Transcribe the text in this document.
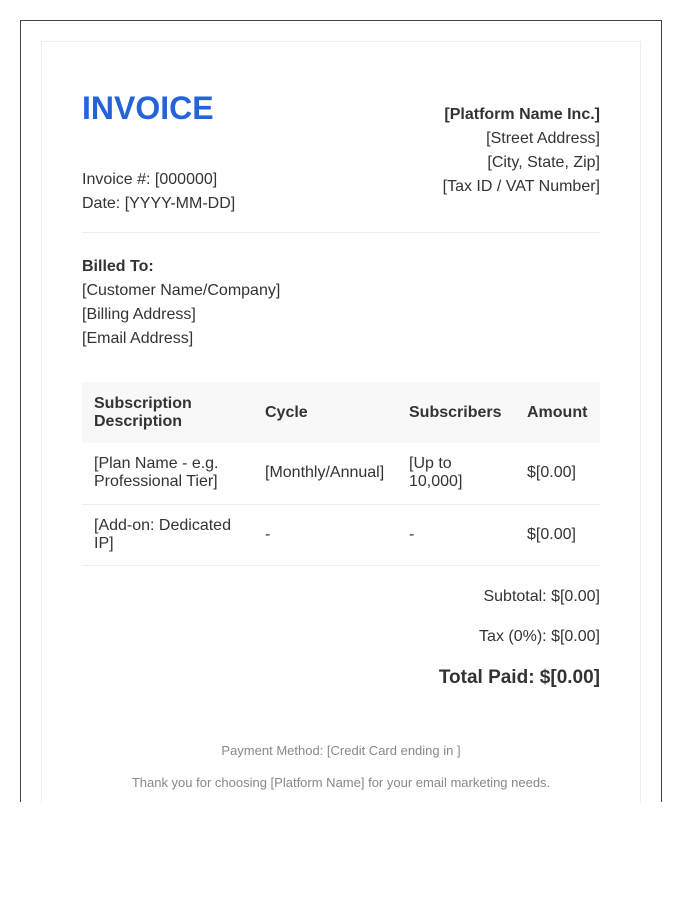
INVOICE
Invoice #: [000000]
Date: [YYYY-MM-DD]
[Platform Name Inc.]
[Street Address]
[City, State, Zip]
[Tax ID / VAT Number]
Billed To:
[Customer Name/Company]
[Billing Address]
[Email Address]
Subscription Description	Cycle	Subscribers	Amount
[Plan Name - e.g. Professional Tier]	[Monthly/Annual]	[Up to 10,000]	$[0.00]
[Add-on: Dedicated IP]	-	-	$[0.00]
Subtotal: $[0.00]
Tax (0%): $[0.00]
Total Paid: $[0.00]
Payment Method: [Credit Card ending in ]
Thank you for choosing [Platform Name] for your email marketing needs.
